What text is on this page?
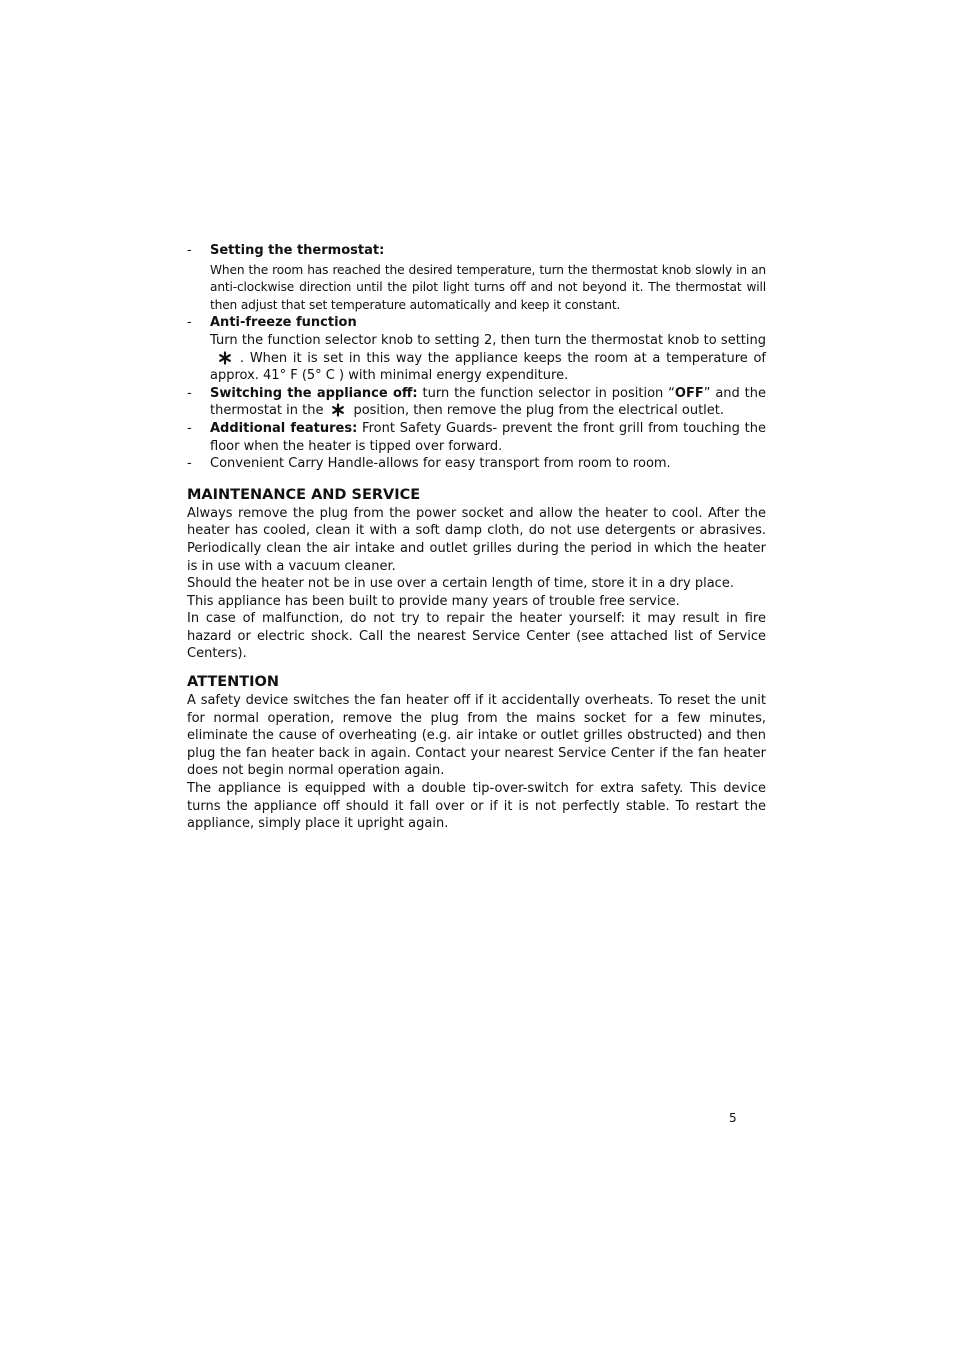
- Setting the thermostat:
When the room has reached the desired temperature, turn the thermostat knob slowly in an anti-clockwise direction until the pilot light turns off and not beyond it. The thermostat will then adjust that set temperature automatically and keep it constant.
- Anti-freeze function
Turn the function selector knob to setting 2, then turn the thermostat knob to setting. When it is set in this way the appliance keeps the room at a temperature of approx. 41° F (5° C ) with minimal energy expenditure.
- Switching the appliance off: turn the function selector in position “OFF” and the thermostat in the position, then remove the plug from the electrical outlet.
- Additional features: Front Safety Guards- prevent the front grill from touching the floor when the heater is tipped over forward.
- Convenient Carry Handle-allows for easy transport from room to room.
MAINTENANCE AND SERVICE

Always remove the plug from the power socket and allow the heater to cool. After the heater has cooled, clean it with a soft damp cloth, do not use detergents or abrasives. Periodically clean the air intake and outlet grilles during the period in which the heater is in use with a vacuum cleaner.

Should the heater not be in use over a certain length of time, store it in a dry place.

This appliance has been built to provide many years of trouble free service.

In case of malfunction, do not try to repair the heater yourself: it may result in fire hazard or electric shock. Call the nearest Service Center (see attached list of Service Centers).

ATTENTION

A safety device switches the fan heater off if it accidentally overheats. To reset the unit for normal operation, remove the plug from the mains socket for a few minutes, eliminate the cause of overheating (e.g. air intake or outlet grilles obstructed) and then plug the fan heater back in again. Contact your nearest Service Center if the fan heater does not begin normal operation again.

The appliance is equipped with a double tip-over-switch for extra safety. This device turns the appliance off should it fall over or if it is not perfectly stable. To restart the appliance, simply place it upright again.

5
